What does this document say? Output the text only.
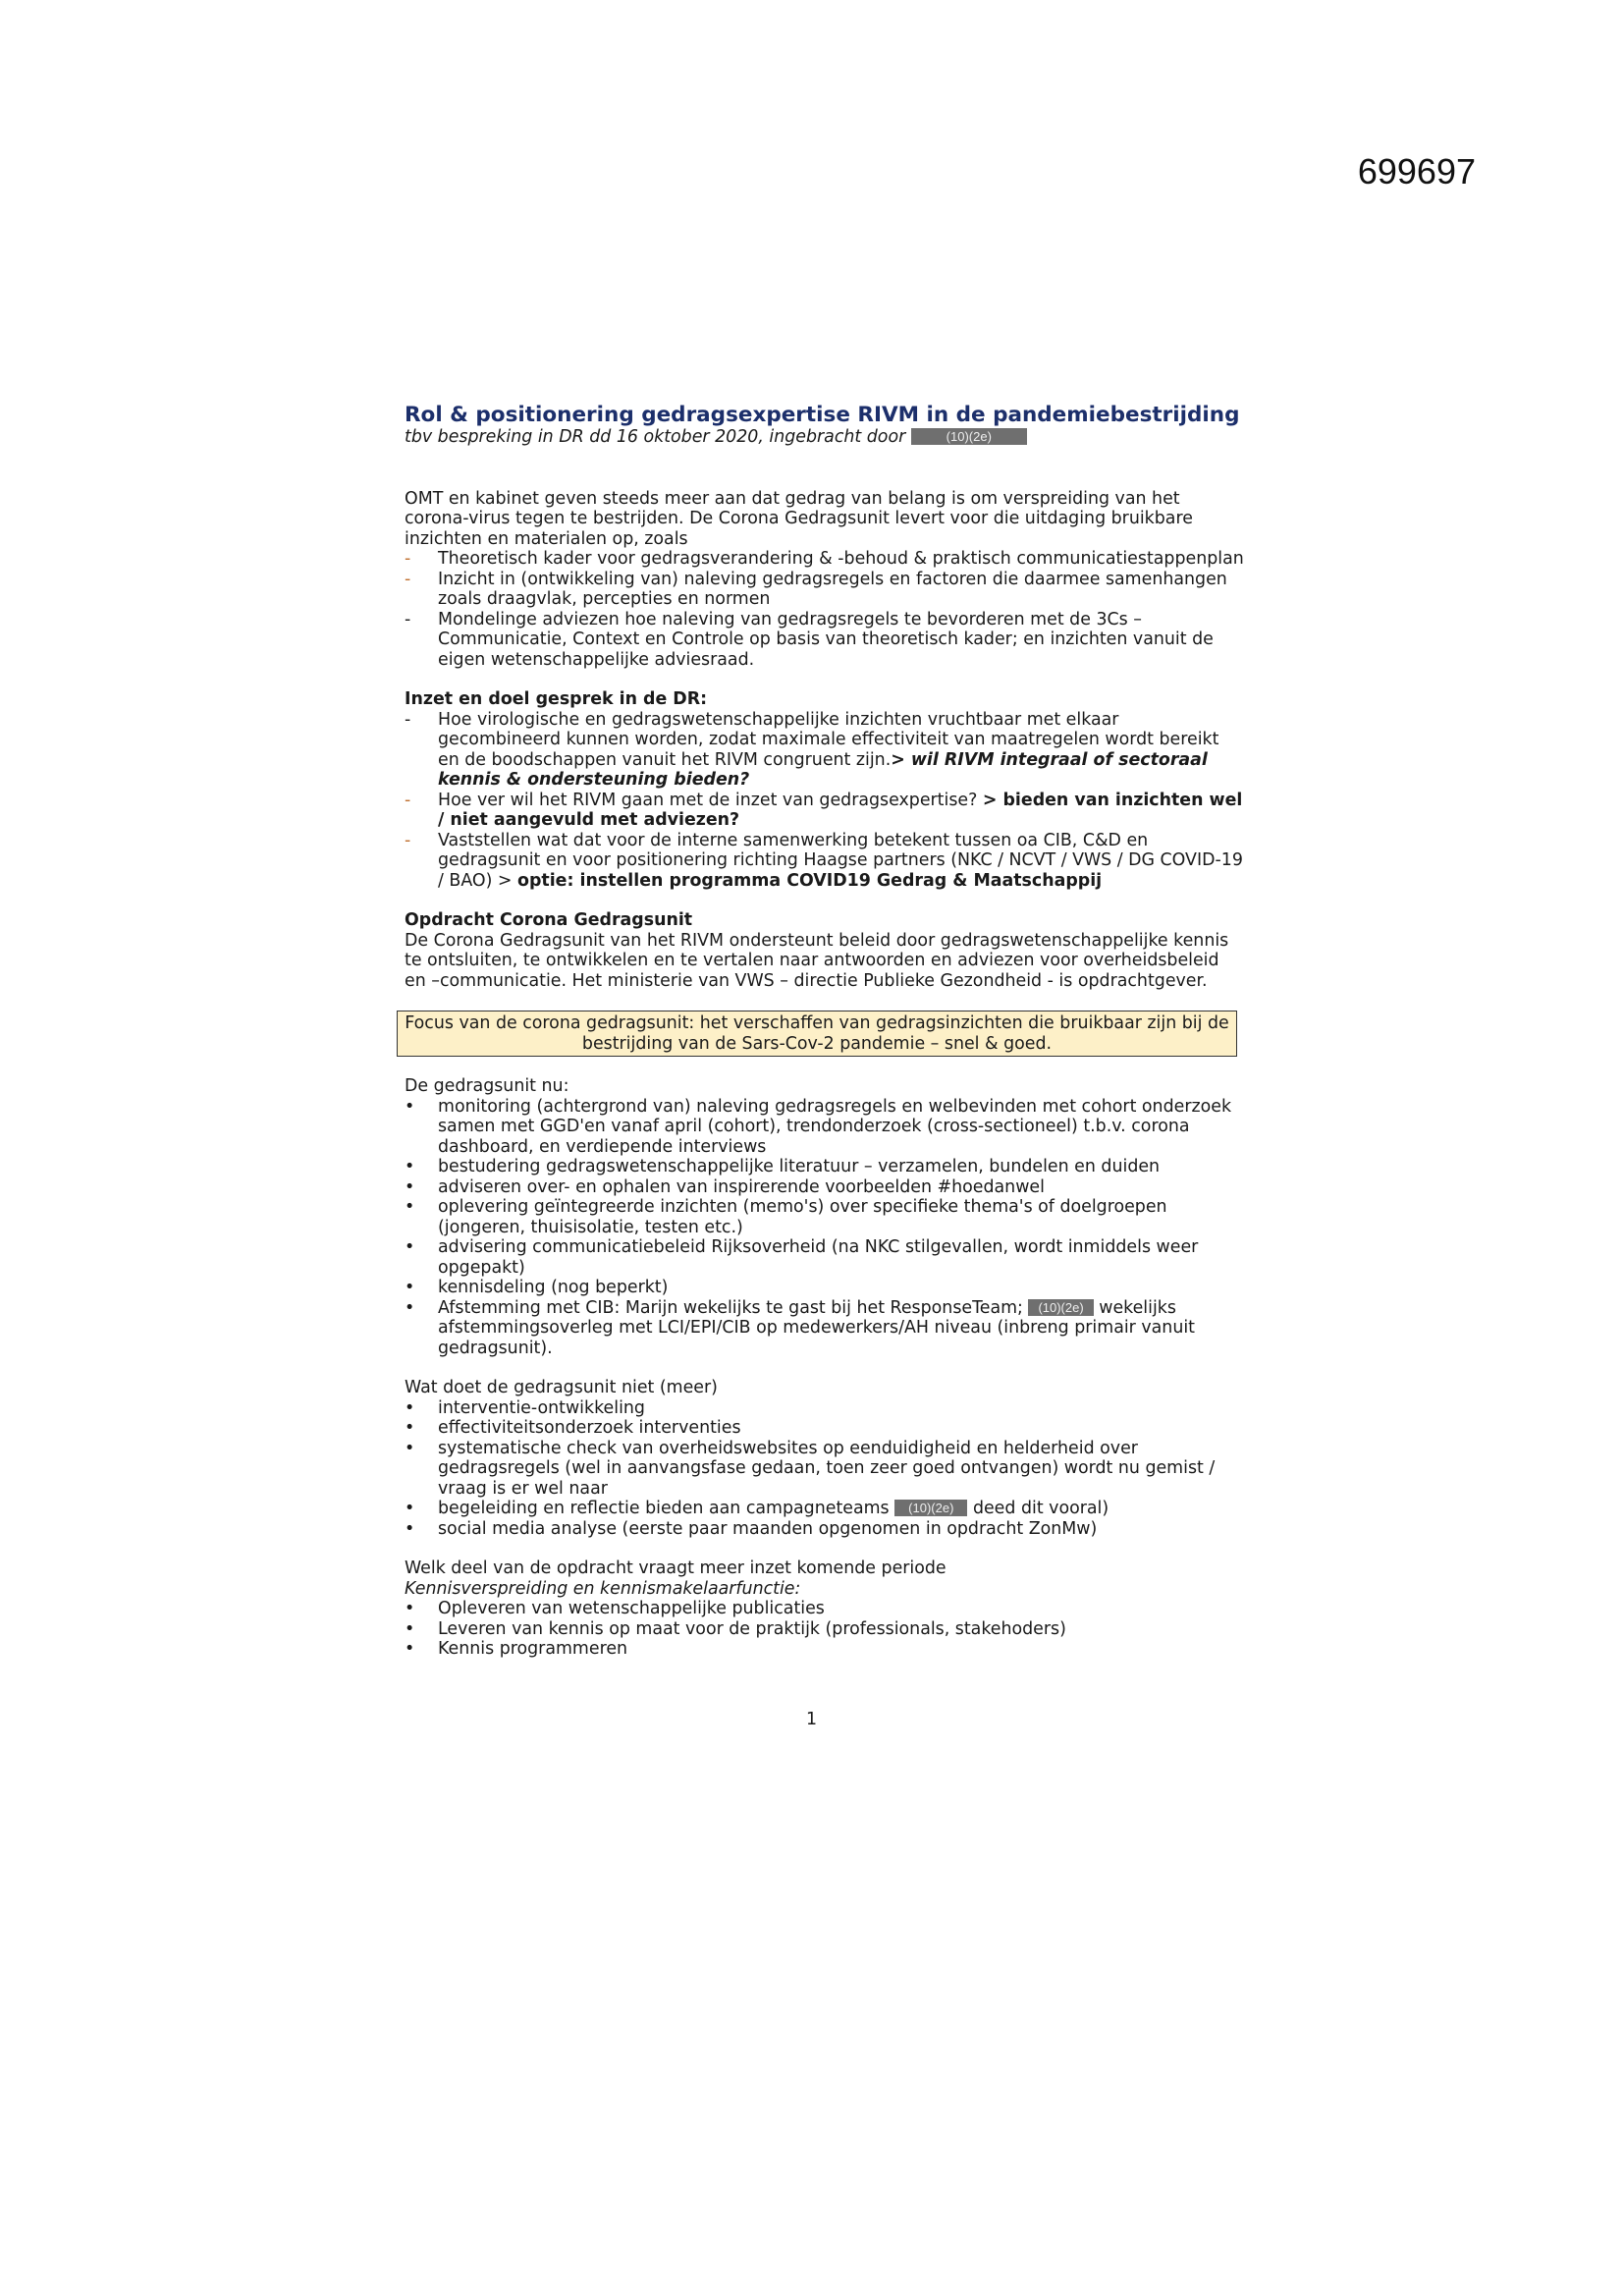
699697
Rol & positionering gedragsexpertise RIVM in de pandemiebestrijding
tbv bespreking in DR dd 16 oktober 2020, ingebracht door	(10)(2e)

OMT en kabinet geven steeds meer aan dat gedrag van belang is om verspreiding van het corona-virus tegen te bestrijden. De Corona Gedragsunit levert voor die uitdaging bruikbare inzichten en materialen op, zoals

-	Theoretisch kader voor gedragsverandering & -behoud & praktisch communicatiestappenplan
-	Inzicht in (ontwikkeling van) naleving gedragsregels en factoren die daarmee samenhangen zoals draagvlak, percepties en normen
-	Mondelinge adviezen hoe naleving van gedragsregels te bevorderen met de 3Cs – Communicatie, Context en Controle op basis van theoretisch kader; en inzichten vanuit de eigen wetenschappelijke adviesraad.

Inzet en doel gesprek in de DR:

-	Hoe virologische en gedragswetenschappelijke inzichten vruchtbaar met elkaar gecombineerd kunnen worden, zodat maximale effectiviteit van maatregelen wordt bereikt en de boodschappen vanuit het RIVM congruent zijn.> wil RIVM integraal of sectoraal kennis & ondersteuning bieden?
-	Hoe ver wil het RIVM gaan met de inzet van gedragsexpertise? > bieden van inzichten wel / niet aangevuld met adviezen?
-	Vaststellen wat dat voor de interne samenwerking betekent tussen oa CIB, C&D en gedragsunit en voor positionering richting Haagse partners (NKC / NCVT / VWS / DG COVID-19 / BAO) > optie: instellen programma COVID19 Gedrag & Maatschappij

Opdracht Corona Gedragsunit

De Corona Gedragsunit van het RIVM ondersteunt beleid door gedragswetenschappelijke kennis te ontsluiten, te ontwikkelen en te vertalen naar antwoorden en adviezen voor overheidsbeleid en –communicatie. Het ministerie van VWS – directie Publieke Gezondheid - is opdrachtgever.

Focus van de corona gedragsunit: het verschaffen van gedragsinzichten die bruikbaar zijn bij de bestrijding van de Sars-Cov-2 pandemie – snel & goed.

De gedragsunit nu:

•	monitoring (achtergrond van) naleving gedragsregels en welbevinden met cohort onderzoek samen met GGD'en vanaf april (cohort), trendonderzoek (cross-sectioneel) t.b.v. corona dashboard, en verdiepende interviews
•	bestudering gedragswetenschappelijke literatuur – verzamelen, bundelen en duiden
•	adviseren over- en ophalen van inspirerende voorbeelden #hoedanwel
•	oplevering geïntegreerde inzichten (memo's) over specifieke thema's of doelgroepen (jongeren, thuisisolatie, testen etc.)
•	advisering communicatiebeleid Rijksoverheid (na NKC stilgevallen, wordt inmiddels weer opgepakt)
•	kennisdeling (nog beperkt)
•	Afstemming met CIB: Marijn wekelijks te gast bij het ResponseTeam; (10)(2e) wekelijks afstemmingsoverleg met LCI/EPI/CIB op medewerkers/AH niveau (inbreng primair vanuit gedragsunit).

Wat doet de gedragsunit niet (meer)

•	interventie-ontwikkeling
•	effectiviteitsonderzoek interventies
•	systematische check van overheidswebsites op eenduidigheid en helderheid over gedragsregels (wel in aanvangsfase gedaan, toen zeer goed ontvangen) wordt nu gemist / vraag is er wel naar
•	begeleiding en reflectie bieden aan campagneteams (10)(2e) deed dit vooral)
•	social media analyse (eerste paar maanden opgenomen in opdracht ZonMw)

Welk deel van de opdracht vraagt meer inzet komende periode

Kennisverspreiding en kennismakelaarfunctie:

•	Opleveren van wetenschappelijke publicaties
•	Leveren van kennis op maat voor de praktijk (professionals, stakehoders)
•	Kennis programmeren
1
